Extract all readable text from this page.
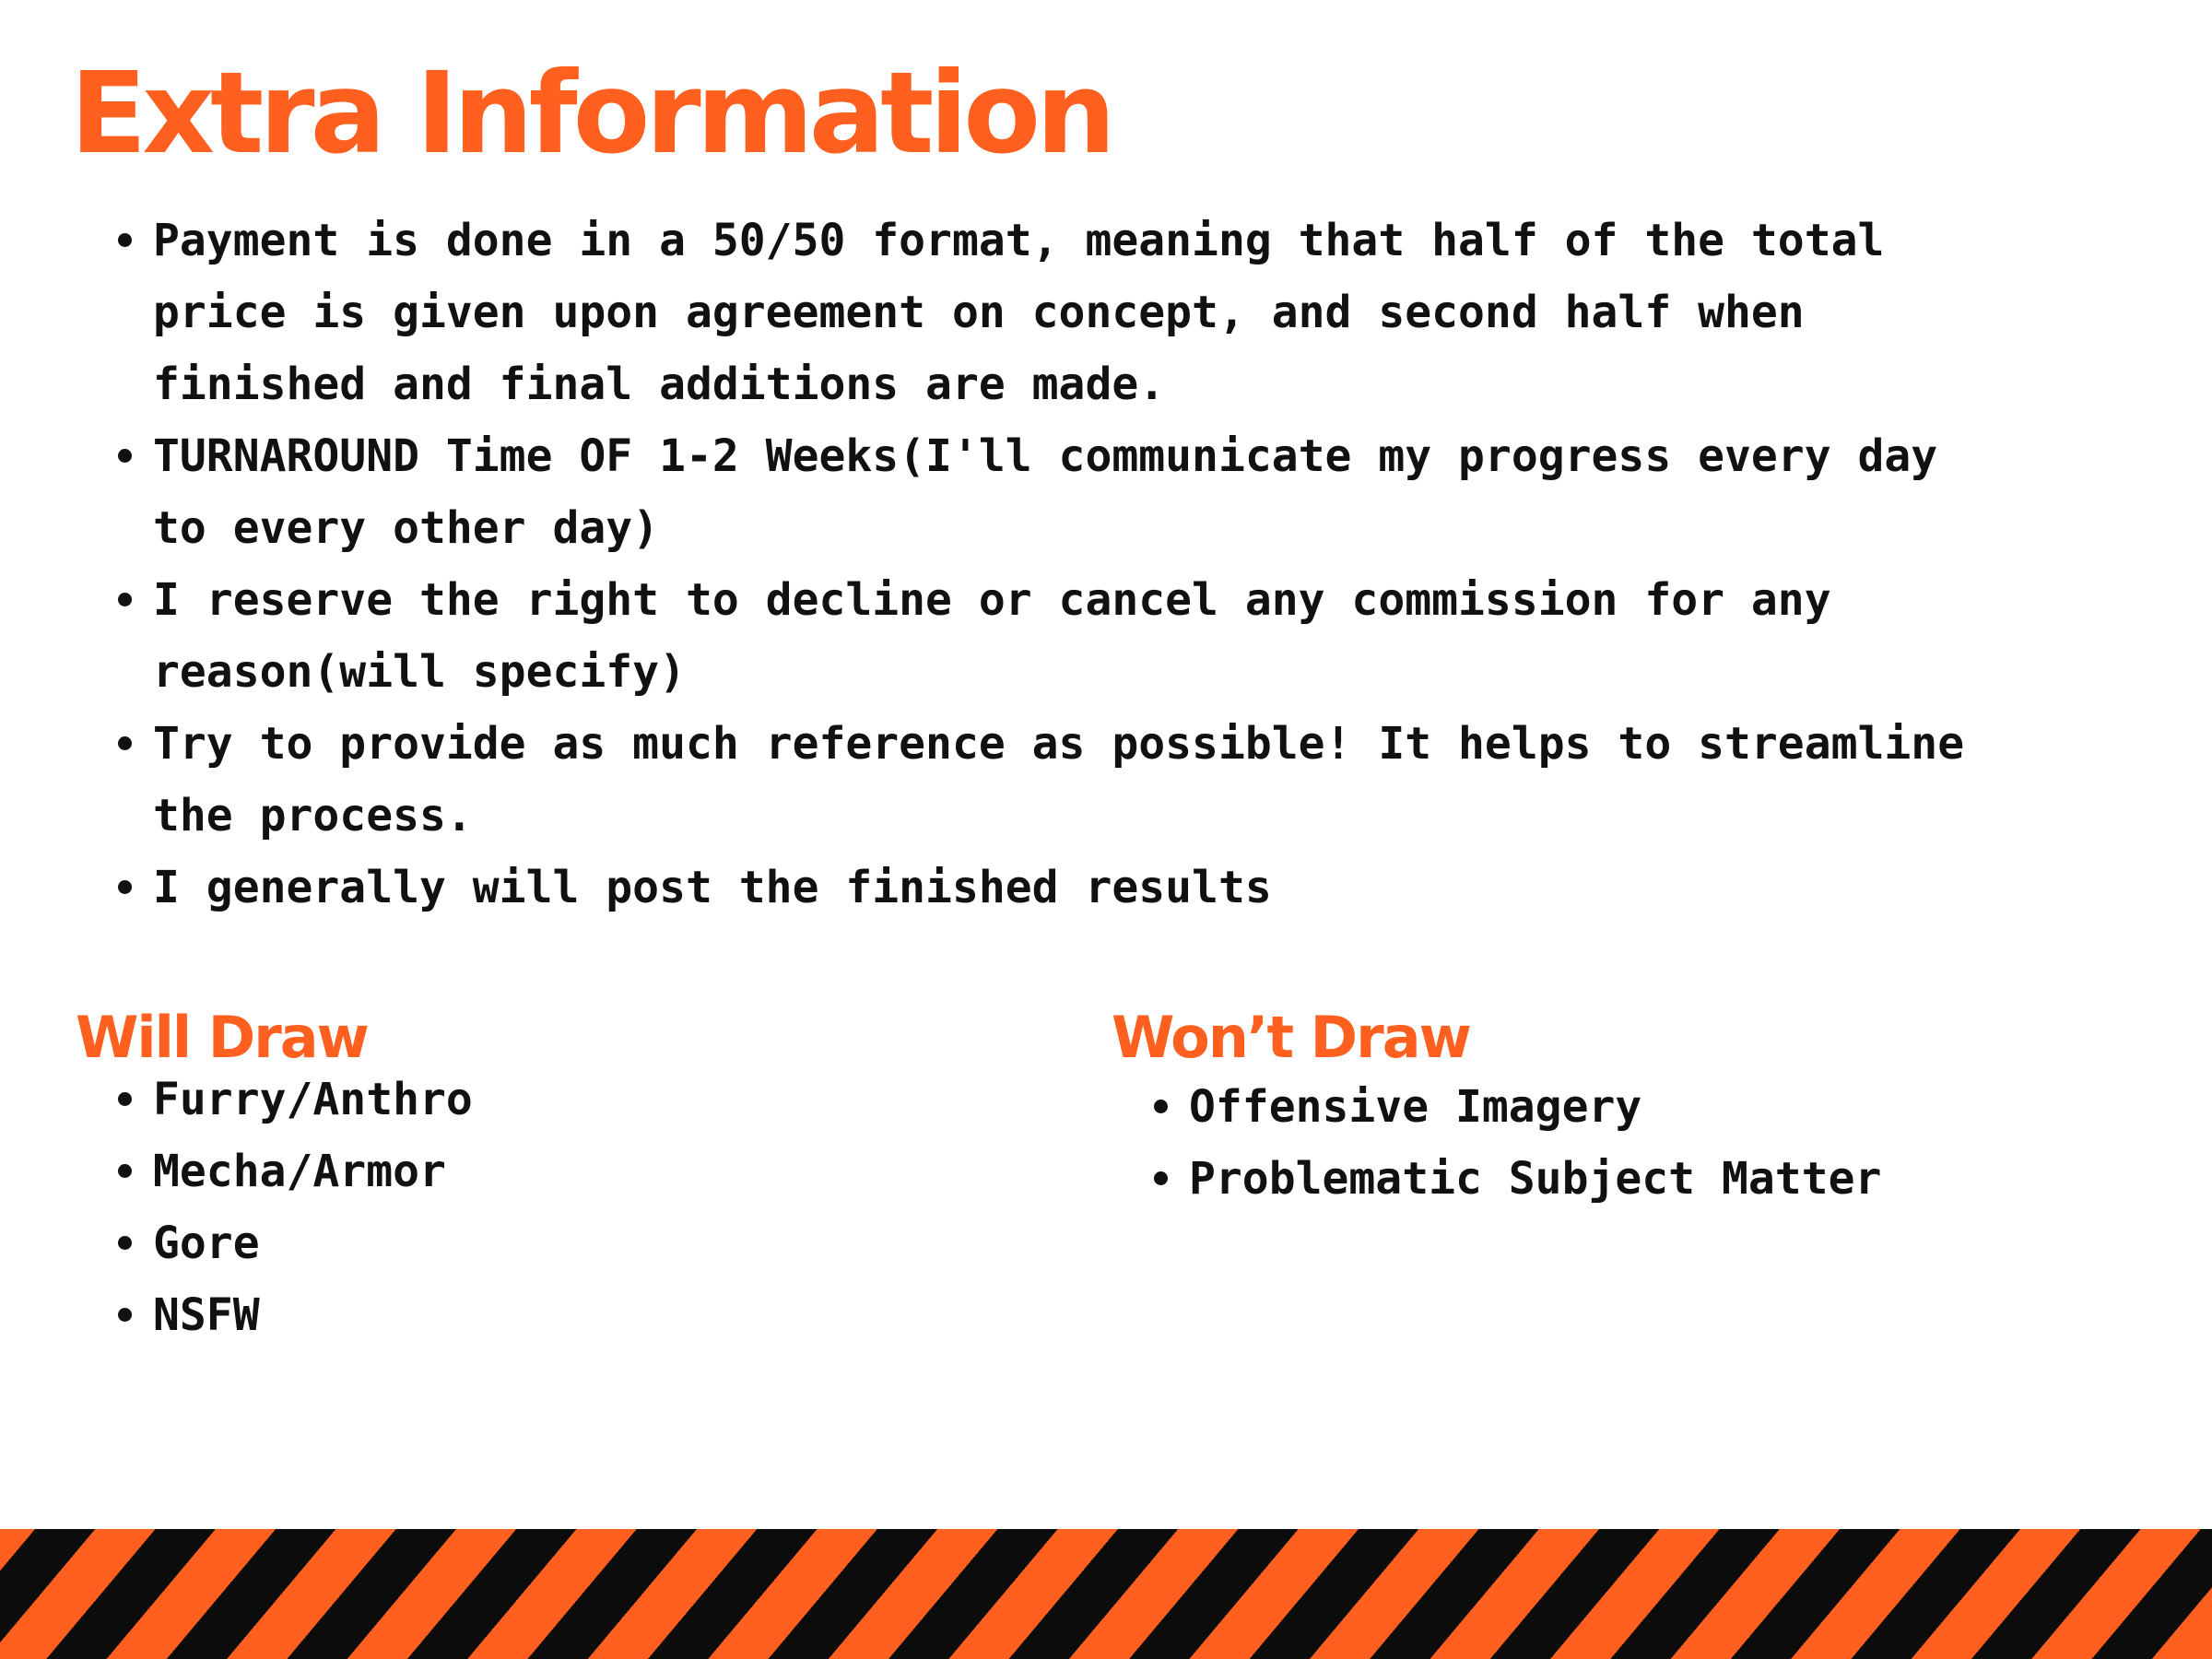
Extra Information
Payment is done in a 50/50 format, meaning that half of the total price is given upon agreement on concept, and second half when finished and final additions are made.
TURNAROUND Time OF 1-2 Weeks(I'll communicate my progress every day to every other day)
I reserve the right to decline or cancel any commission for any reason(will specify)
Try to provide as much reference as possible! It helps to streamline the process.
I generally will post the finished results
Will Draw
Furry/Anthro
Mecha/Armor
Gore
NSFW
Won’t Draw
Offensive Imagery
Problematic Subject Matter
